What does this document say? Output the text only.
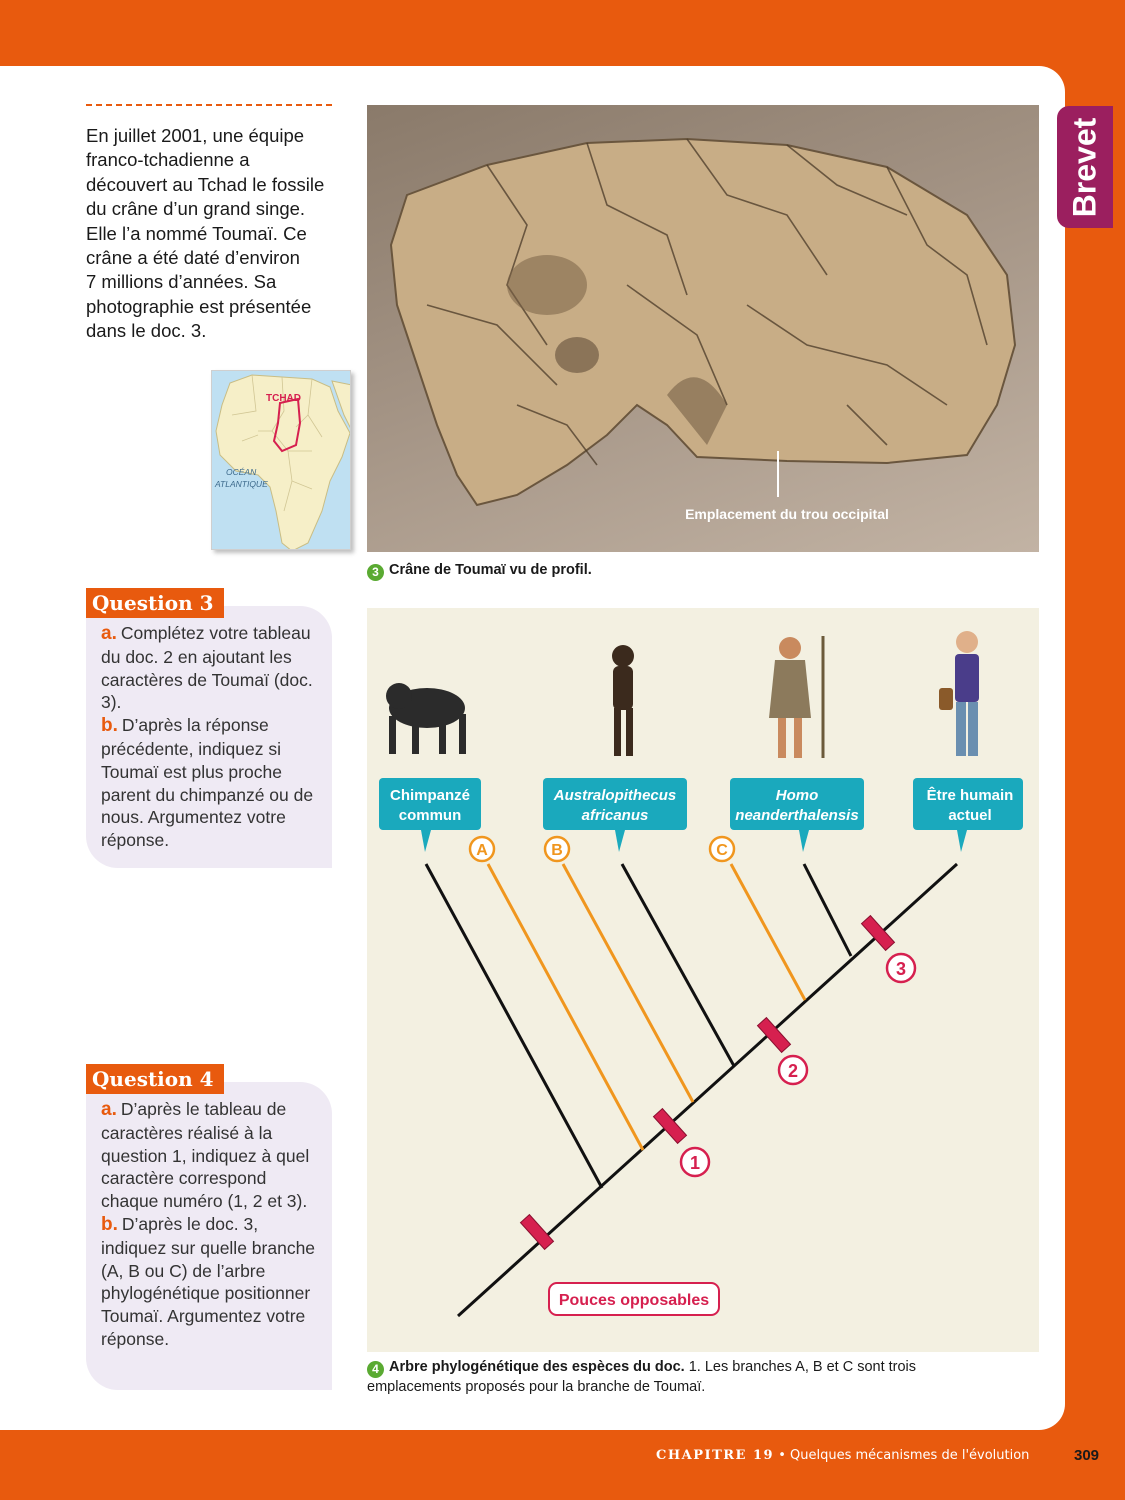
Brevet
En juillet 2001, une équipe
franco-tchadienne a
découvert au Tchad le fossile
du crâne d’un grand singe.
Elle l’a nommé Toumaï. Ce
crâne a été daté d’environ
7 millions d’années. Sa
photographie est présentée
dans le doc. 3.
TCHAD
OCÉAN
ATLANTIQUE
Emplacement du trou occipital
3 Crâne de Toumaï vu de profil.
Question 3
a. Complétez votre tableau du doc. 2 en ajoutant les caractères de Toumaï (doc. 3).
b. D’après la réponse précédente, indiquez si Toumaï est plus proche parent du chimpanzé ou de nous. Argumentez votre réponse.
Question 4
a. D’après le tableau de caractères réalisé à la question 1, indiquez à quel caractère correspond chaque numéro (1, 2 et 3).
b. D’après le doc. 3, indiquez sur quelle branche (A, B ou C) de l’arbre phylogénétique positionner Toumaï. Argumentez votre réponse.
Chimpanzé
commun
Australopithecus
africanus
Homo
neanderthalensis
Être humain
actuel
A	B	C
1
2
3
Pouces opposables
4 Arbre phylogénétique des espèces du doc. 1. Les branches A, B et C sont trois
emplacements proposés pour la branche de Toumaï.
CHAPITRE 19 • Quelques mécanismes de l'évolution	309
